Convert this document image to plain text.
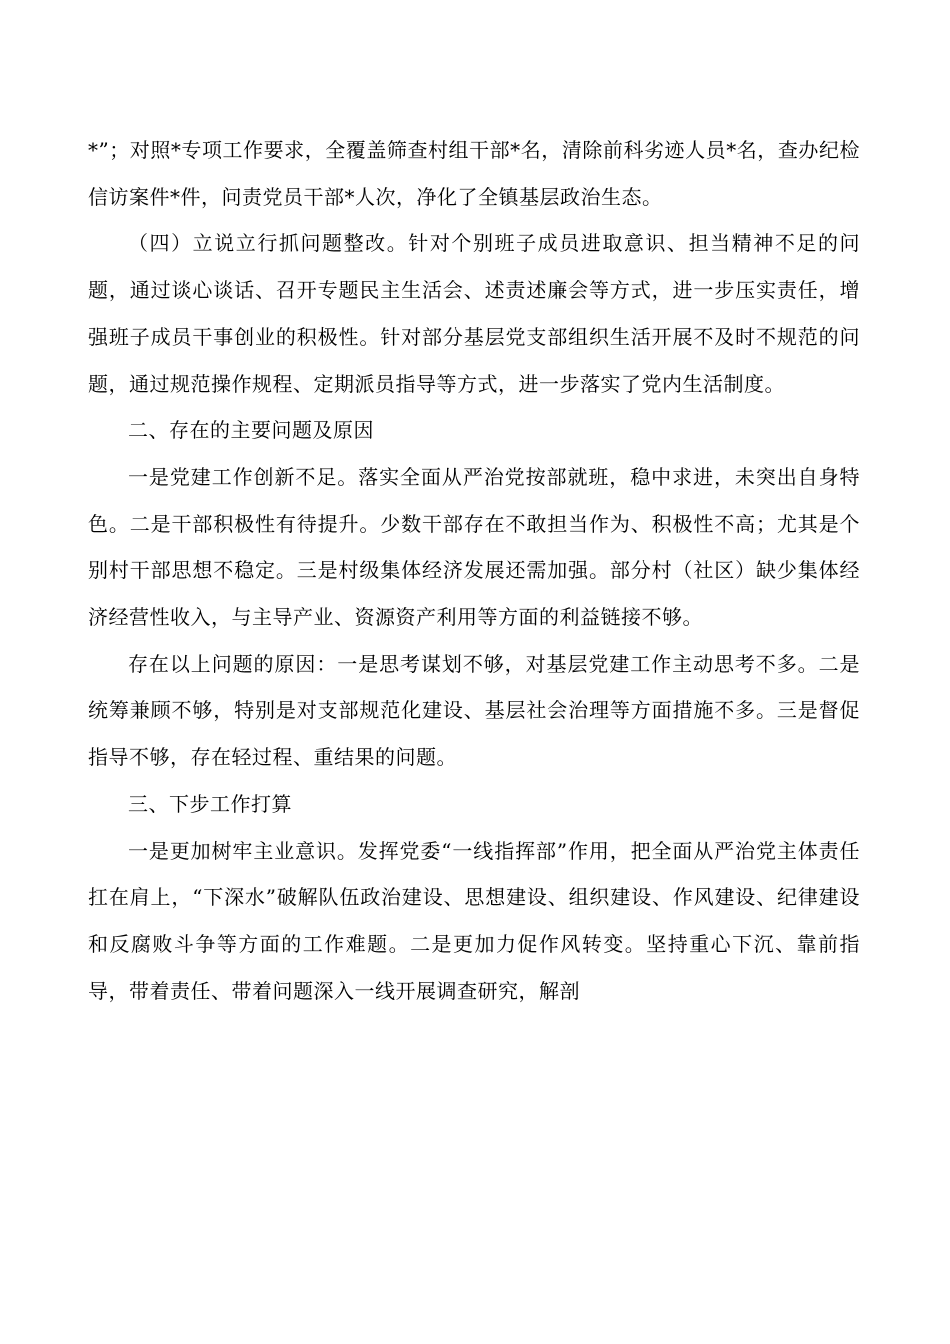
*”；对照*专项工作要求，全覆盖筛查村组干部*名，清除前科劣迹人员*名，查办纪检信访案件*件，问责党员干部*人次，净化了全镇基层政治生态。

（四）立说立行抓问题整改。针对个别班子成员进取意识、担当精神不足的问题，通过谈心谈话、召开专题民主生活会、述责述廉会等方式，进一步压实责任，增强班子成员干事创业的积极性。针对部分基层党支部组织生活开展不及时不规范的问题，通过规范操作规程、定期派员指导等方式，进一步落实了党内生活制度。

二、存在的主要问题及原因

一是党建工作创新不足。落实全面从严治党按部就班，稳中求进，未突出自身特色。二是干部积极性有待提升。少数干部存在不敢担当作为、积极性不高；尤其是个别村干部思想不稳定。三是村级集体经济发展还需加强。部分村（社区）缺少集体经济经营性收入，与主导产业、资源资产利用等方面的利益链接不够。

存在以上问题的原因：一是思考谋划不够，对基层党建工作主动思考不多。二是统筹兼顾不够，特别是对支部规范化建设、基层社会治理等方面措施不多。三是督促指导不够，存在轻过程、重结果的问题。

三、下步工作打算

一是更加树牢主业意识。发挥党委“一线指挥部”作用，把全面从严治党主体责任扛在肩上，“下深水”破解队伍政治建设、思想建设、组织建设、作风建设、纪律建设和反腐败斗争等方面的工作难题。二是更加力促作风转变。坚持重心下沉、靠前指导，带着责任、带着问题深入一线开展调查研究，解剖
